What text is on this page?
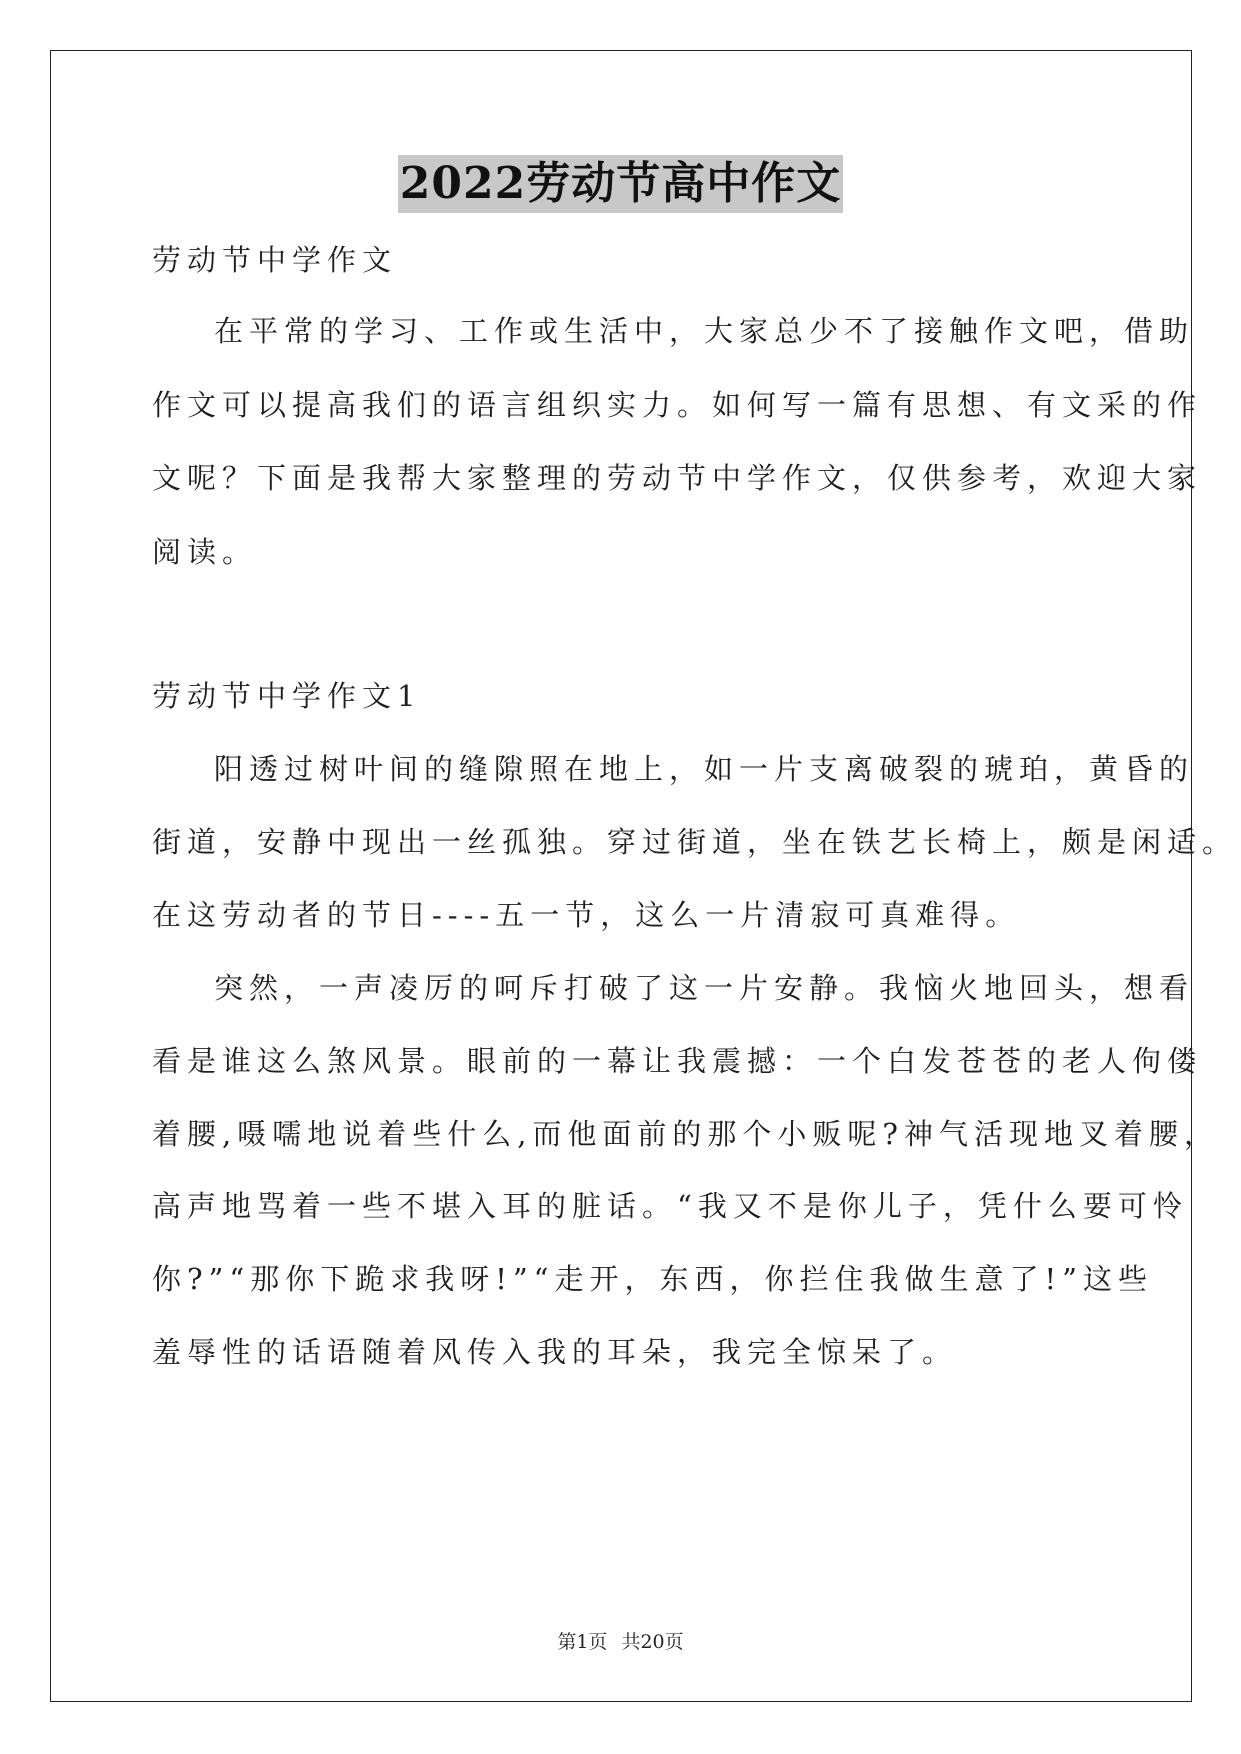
2022劳动节高中作文
劳动节中学作文
在平常的学习、工作或生活中，大家总少不了接触作文吧，借助
作文可以提高我们的语言组织实力。如何写一篇有思想、有文采的作
文呢？下面是我帮大家整理的劳动节中学作文，仅供参考，欢迎大家
阅读。
劳动节中学作文1
阳透过树叶间的缝隙照在地上，如一片支离破裂的琥珀，黄昏的
街道，安静中现出一丝孤独。穿过街道，坐在铁艺长椅上，颇是闲适。
在这劳动者的节日----五一节，这么一片清寂可真难得。
突然，一声凌厉的呵斥打破了这一片安静。我恼火地回头，想看
看是谁这么煞风景。眼前的一幕让我震撼：一个白发苍苍的老人佝偻
着腰,嗫嚅地说着些什么,而他面前的那个小贩呢?神气活现地叉着腰，
高声地骂着一些不堪入耳的脏话。“我又不是你儿子，凭什么要可怜
你?”“那你下跪求我呀!”“走开，东西，你拦住我做生意了!”这些
羞辱性的话语随着风传入我的耳朵，我完全惊呆了。
第1页 共20页
